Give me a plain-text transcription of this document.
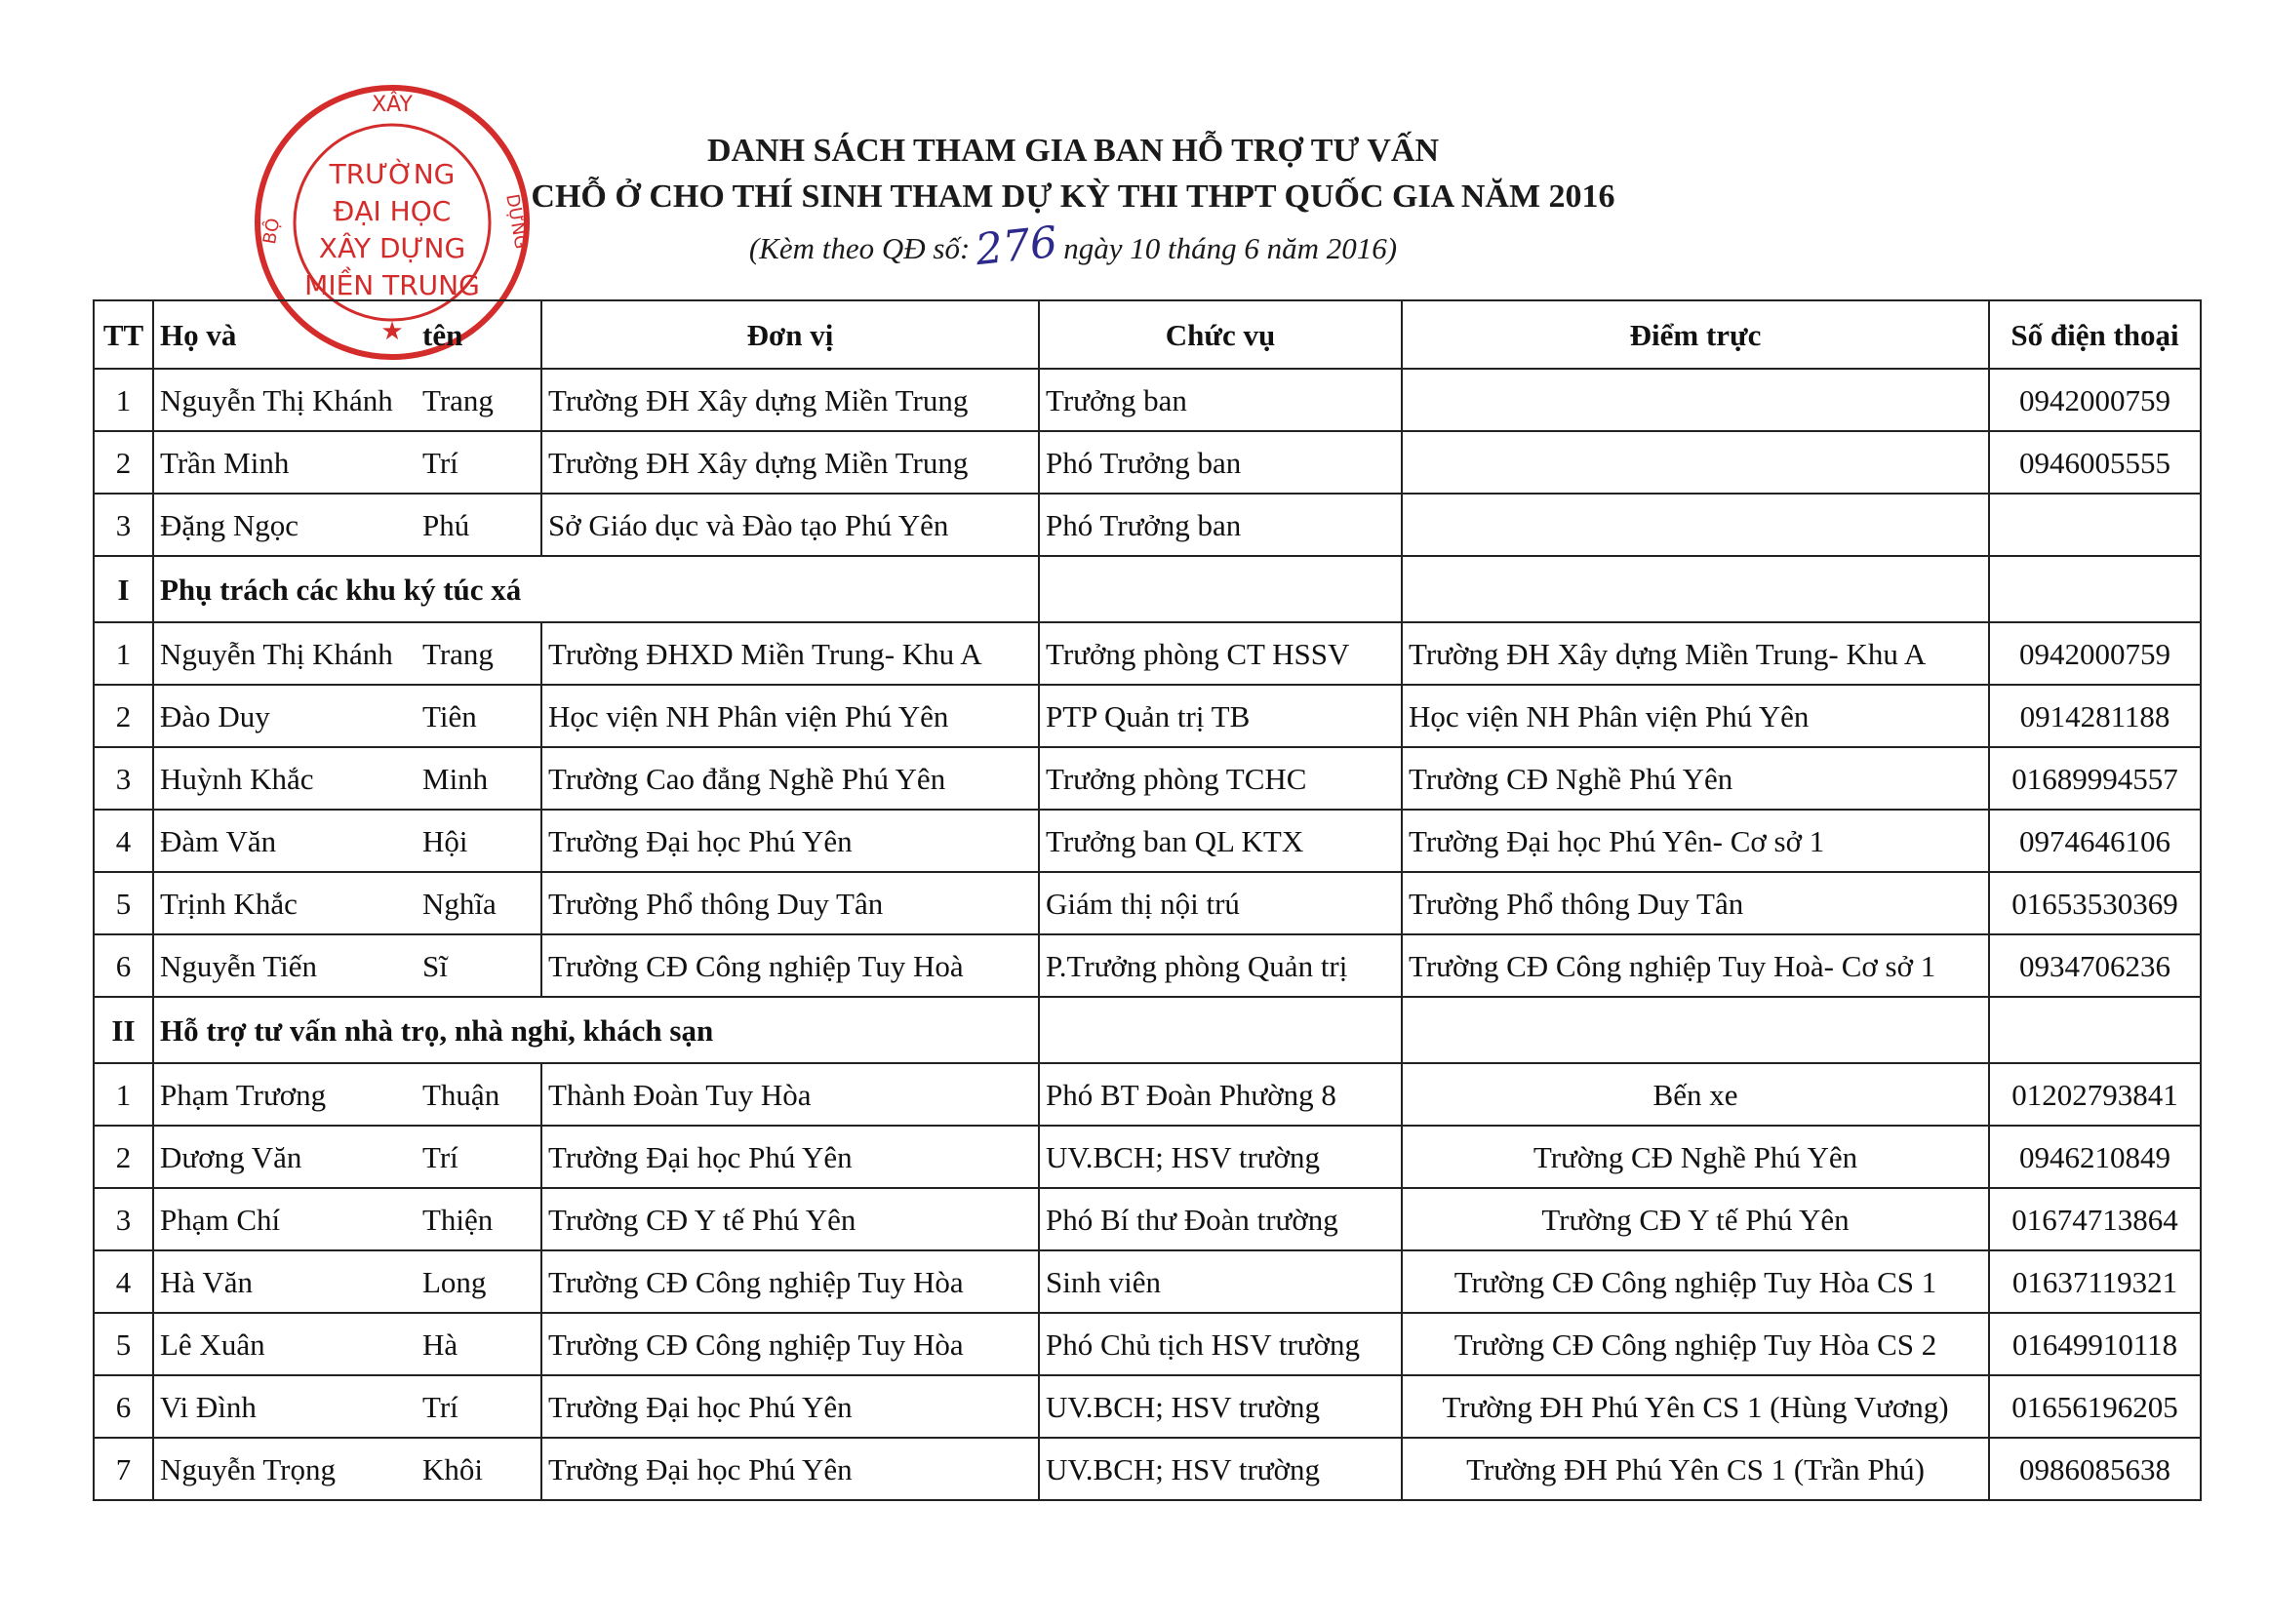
XÂY
TRƯỜNG
ĐẠI HỌC
XÂY DỰNG
MIỀN TRUNG
BỘ	DỰNG
★
DANH SÁCH THAM GIA BAN HỖ TRỢ TƯ VẤN
CHỖ Ở CHO THÍ SINH THAM DỰ KỲ THI THPT QUỐC GIA NĂM 2016
(Kèm theo QĐ số:276 ngày 10 tháng 6 năm 2016)
TT	Họ và	tên	Đơn vị	Chức vụ	Điểm trực	Số điện thoại
1	Nguyễn Thị Khánh	Trang	Trường ĐH Xây dựng Miền Trung	Trưởng ban		0942000759
2	Trần Minh	Trí	Trường ĐH Xây dựng Miền Trung	Phó Trưởng ban		0946005555
3	Đặng Ngọc	Phú	Sở Giáo dục và Đào tạo Phú Yên	Phó Trưởng ban		
I	Phụ trách các khu ký túc xá					
1	Nguyễn Thị Khánh	Trang	Trường ĐHXD Miền Trung- Khu A	Trưởng phòng CT HSSV	Trường ĐH Xây dựng Miền Trung- Khu A	0942000759
2	Đào Duy	Tiên	Học viện NH Phân viện Phú Yên	PTP Quản trị TB	Học viện NH Phân viện Phú Yên	0914281188
3	Huỳnh Khắc	Minh	Trường Cao đẳng Nghề Phú Yên	Trưởng phòng TCHC	Trường CĐ Nghề Phú Yên	01689994557
4	Đàm Văn	Hội	Trường Đại học Phú Yên	Trưởng ban QL KTX	Trường Đại học Phú Yên- Cơ sở 1	0974646106
5	Trịnh Khắc	Nghĩa	Trường Phổ thông Duy Tân	Giám thị nội trú	Trường Phổ thông Duy Tân	01653530369
6	Nguyễn Tiến	Sĩ	Trường CĐ Công nghiệp Tuy Hoà	P.Trưởng phòng Quản trị	Trường CĐ Công nghiệp Tuy Hoà- Cơ sở 1	0934706236
II	Hỗ trợ tư vấn nhà trọ, nhà nghỉ, khách sạn					
1	Phạm Trương	Thuận	Thành Đoàn Tuy Hòa	Phó BT Đoàn Phường 8	Bến xe	01202793841
2	Dương Văn	Trí	Trường Đại học Phú Yên	UV.BCH; HSV trường	Trường CĐ Nghề Phú Yên	0946210849
3	Phạm Chí	Thiện	Trường CĐ Y tế Phú Yên	Phó Bí thư Đoàn trường	Trường CĐ Y tế Phú Yên	01674713864
4	Hà Văn	Long	Trường CĐ Công nghiệp Tuy Hòa	Sinh viên	Trường CĐ Công nghiệp Tuy Hòa CS 1	01637119321
5	Lê Xuân	Hà	Trường CĐ Công nghiệp Tuy Hòa	Phó Chủ tịch HSV trường	Trường CĐ Công nghiệp Tuy Hòa CS 2	01649910118
6	Vi Đình	Trí	Trường Đại học Phú Yên	UV.BCH; HSV trường	Trường ĐH Phú Yên CS 1 (Hùng Vương)	01656196205
7	Nguyễn Trọng	Khôi	Trường Đại học Phú Yên	UV.BCH; HSV trường	Trường ĐH Phú Yên CS 1 (Trần Phú)	0986085638
